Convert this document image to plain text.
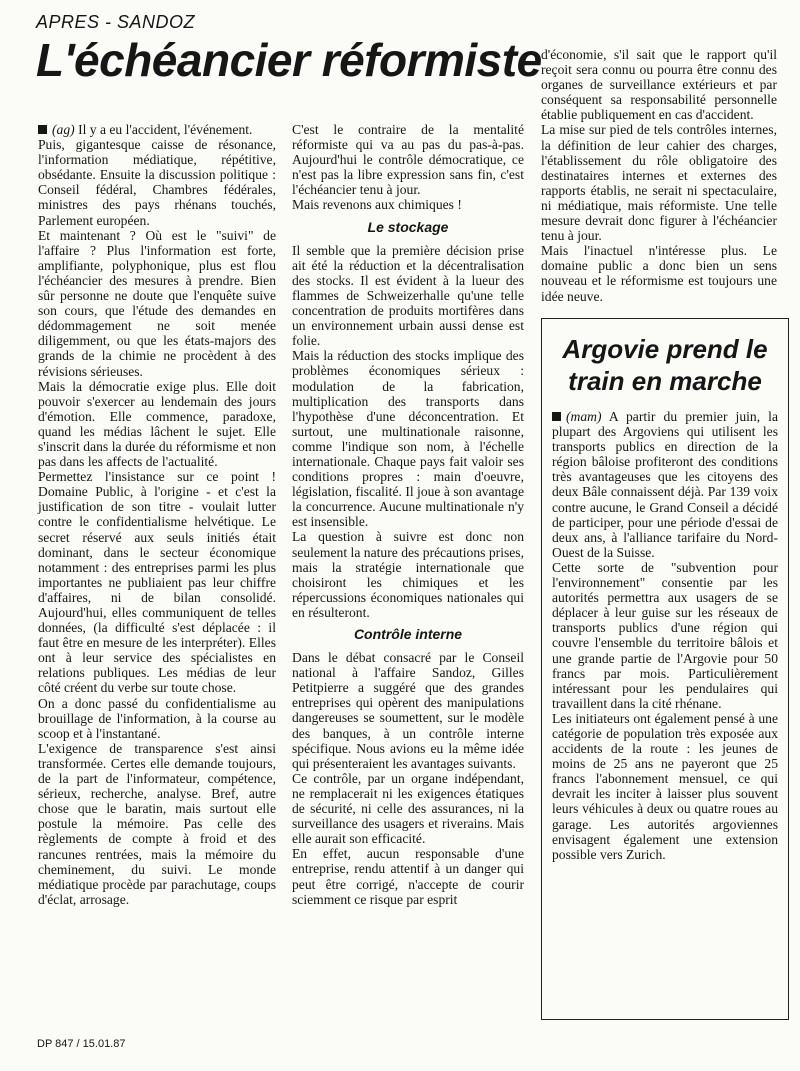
APRES - SANDOZ
L'échéancier réformiste

(ag) Il y a eu l'accident, l'événement.

Puis, gigantesque caisse de résonance, l'information médiatique, répétitive, obsédante. Ensuite la discussion politique : Conseil fédéral, Chambres fédérales, ministres des pays rhénans touchés, Parlement européen.

Et maintenant ? Où est le "suivi" de l'affaire ? Plus l'information est forte, amplifiante, polyphonique, plus est flou l'échéancier des mesures à prendre. Bien sûr personne ne doute que l'enquête suive son cours, que l'étude des demandes en dédommagement ne soit menée diligemment, ou que les états-majors des grands de la chimie ne procèdent à des révisions sérieuses.

Mais la démocratie exige plus. Elle doit pouvoir s'exercer au lendemain des jours d'émotion. Elle commence, paradoxe, quand les médias lâchent le sujet. Elle s'inscrit dans la durée du réformisme et non pas dans les affects de l'actualité.

Permettez l'insistance sur ce point ! Domaine Public, à l'origine - et c'est la justification de son titre - voulait lutter contre le confidentialisme helvétique. Le secret réservé aux seuls initiés était dominant, dans le secteur économique notamment : des entreprises parmi les plus importantes ne publiaient pas leur chiffre d'affaires, ni de bilan consolidé. Aujourd'hui, elles communiquent de telles données, (la difficulté s'est déplacée : il faut être en mesure de les interpréter). Elles ont à leur service des spécialistes en relations publiques. Les médias de leur côté créent du verbe sur toute chose.

On a donc passé du confidentialisme au brouillage de l'information, à la course au scoop et à l'instantané.

L'exigence de transparence s'est ainsi transformée. Certes elle demande toujours, de la part de l'informateur, compétence, sérieux, recherche, analyse. Bref, autre chose que le baratin, mais surtout elle postule la mémoire. Pas celle des règlements de compte à froid et des rancunes rentrées, mais la mémoire du cheminement, du suivi. Le monde médiatique procède par parachutage, coups d'éclat, arrosage.

C'est le contraire de la mentalité réformiste qui va au pas du pas-à-pas. Aujourd'hui le contrôle démocratique, ce n'est pas la libre expression sans fin, c'est l'échéancier tenu à jour.

Mais revenons aux chimiques !

Le stockage

Il semble que la première décision prise ait été la réduction et la décentralisation des stocks. Il est évident à la lueur des flammes de Schweizerhalle qu'une telle concentration de produits mortifères dans un environnement urbain aussi dense est folie.

Mais la réduction des stocks implique des problèmes économiques sérieux : modulation de la fabrication, multiplication des transports dans l'hypothèse d'une déconcentration. Et surtout, une multinationale raisonne, comme l'indique son nom, à l'échelle internationale. Chaque pays fait valoir ses conditions propres : main d'oeuvre, législation, fiscalité. Il joue à son avantage la concurrence. Aucune multinationale n'y est insensible.

La question à suivre est donc non seulement la nature des précautions prises, mais la stratégie internationale que choisiront les chimiques et les répercussions économiques nationales qui en résulteront.

Contrôle interne

Dans le débat consacré par le Conseil national à l'affaire Sandoz, Gilles Petitpierre a suggéré que des grandes entreprises qui opèrent des manipulations dangereuses se soumettent, sur le modèle des banques, à un contrôle interne spécifique. Nous avions eu la même idée qui présenteraient les avantages suivants.

Ce contrôle, par un organe indépendant, ne remplacerait ni les exigences étatiques de sécurité, ni celle des assurances, ni la surveillance des usagers et riverains. Mais elle aurait son efficacité.

En effet, aucun responsable d'une entreprise, rendu attentif à un danger qui peut être corrigé, n'accepte de courir sciemment ce risque par esprit

d'économie, s'il sait que le rapport qu'il reçoit sera connu ou pourra être connu des organes de surveillance extérieurs et par conséquent sa responsabilité personnelle établie publiquement en cas d'accident.

La mise sur pied de tels contrôles internes, la définition de leur cahier des charges, l'établissement du rôle obligatoire des destinataires internes et externes des rapports établis, ne serait ni spectaculaire, ni médiatique, mais réformiste. Une telle mesure devrait donc figurer à l'échéancier tenu à jour.

Mais l'inactuel n'intéresse plus. Le domaine public a donc bien un sens nouveau et le réformisme est toujours une idée neuve.

Argovie prend le train en marche

(mam) A partir du premier juin, la plupart des Argoviens qui utilisent les transports publics en direction de la région bâloise profiteront des conditions très avantageuses que les citoyens des deux Bâle connaissent déjà. Par 139 voix contre aucune, le Grand Conseil a décidé de participer, pour une période d'essai de deux ans, à l'alliance tarifaire du Nord-Ouest de la Suisse.

Cette sorte de "subvention pour l'environnement" consentie par les autorités permettra aux usagers de se déplacer à leur guise sur les réseaux de transports publics d'une région qui couvre l'ensemble du territoire bâlois et une grande partie de l'Argovie pour 50 francs par mois. Particulièrement intéressant pour les pendulaires qui travaillent dans la cité rhénane.

Les initiateurs ont également pensé à une catégorie de population très exposée aux accidents de la route : les jeunes de moins de 25 ans ne payeront que 25 francs l'abonnement mensuel, ce qui devrait les inciter à laisser plus souvent leurs véhicules à deux ou quatre roues au garage. Les autorités argoviennes envisagent également une extension possible vers Zurich.

DP 847 / 15.01.87
